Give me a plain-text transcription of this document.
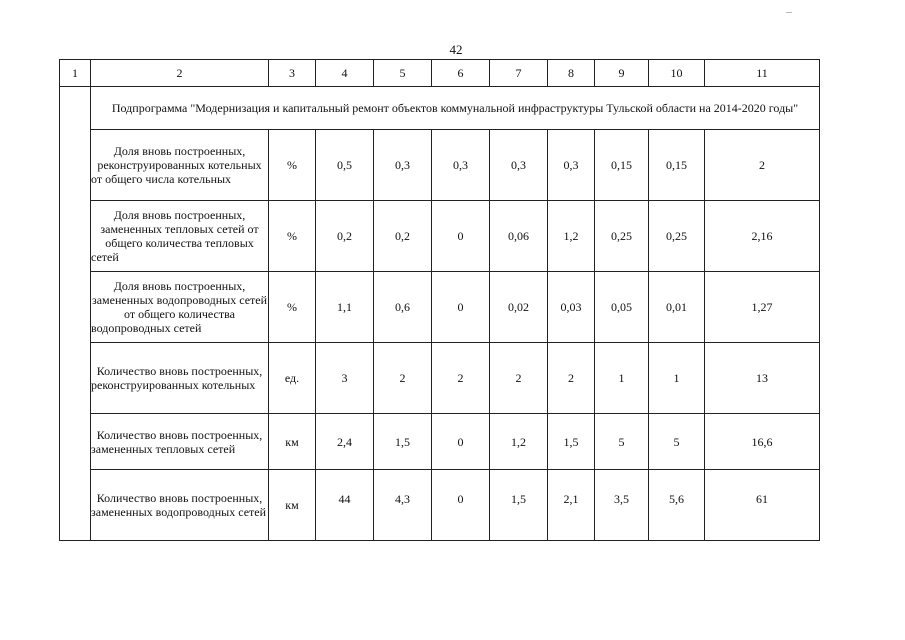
42
1	2	3	4	5	6	7	8	9	10	11
	Подпрограмма "Модернизация и капитальный ремонт объектов коммунальной инфраструктуры Тульской области на 2014-2020 годы"									
	Доля вновь построенных, реконструированных котельных от общего числа котельных	%	0,5	0,3	0,3	0,3	0,3	0,15	0,15	2
	Доля вновь построенных, замененных тепловых сетей от общего количества тепловых сетей	%	0,2	0,2	0	0,06	1,2	0,25	0,25	2,16
	Доля вновь построенных, замененных водопроводных сетей от общего количества водопроводных сетей	%	1,1	0,6	0	0,02	0,03	0,05	0,01	1,27
	Количество вновь построенных, реконструированных котельных	ед.	3	2	2	2	2	1	1	13
	Количество вновь построенных, замененных тепловых сетей	км	2,4	1,5	0	1,2	1,5	5	5	16,6
	Количество вновь построенных, замененных водопроводных сетей	км	44	4,3	0	1,5	2,1	3,5	5,6	61
